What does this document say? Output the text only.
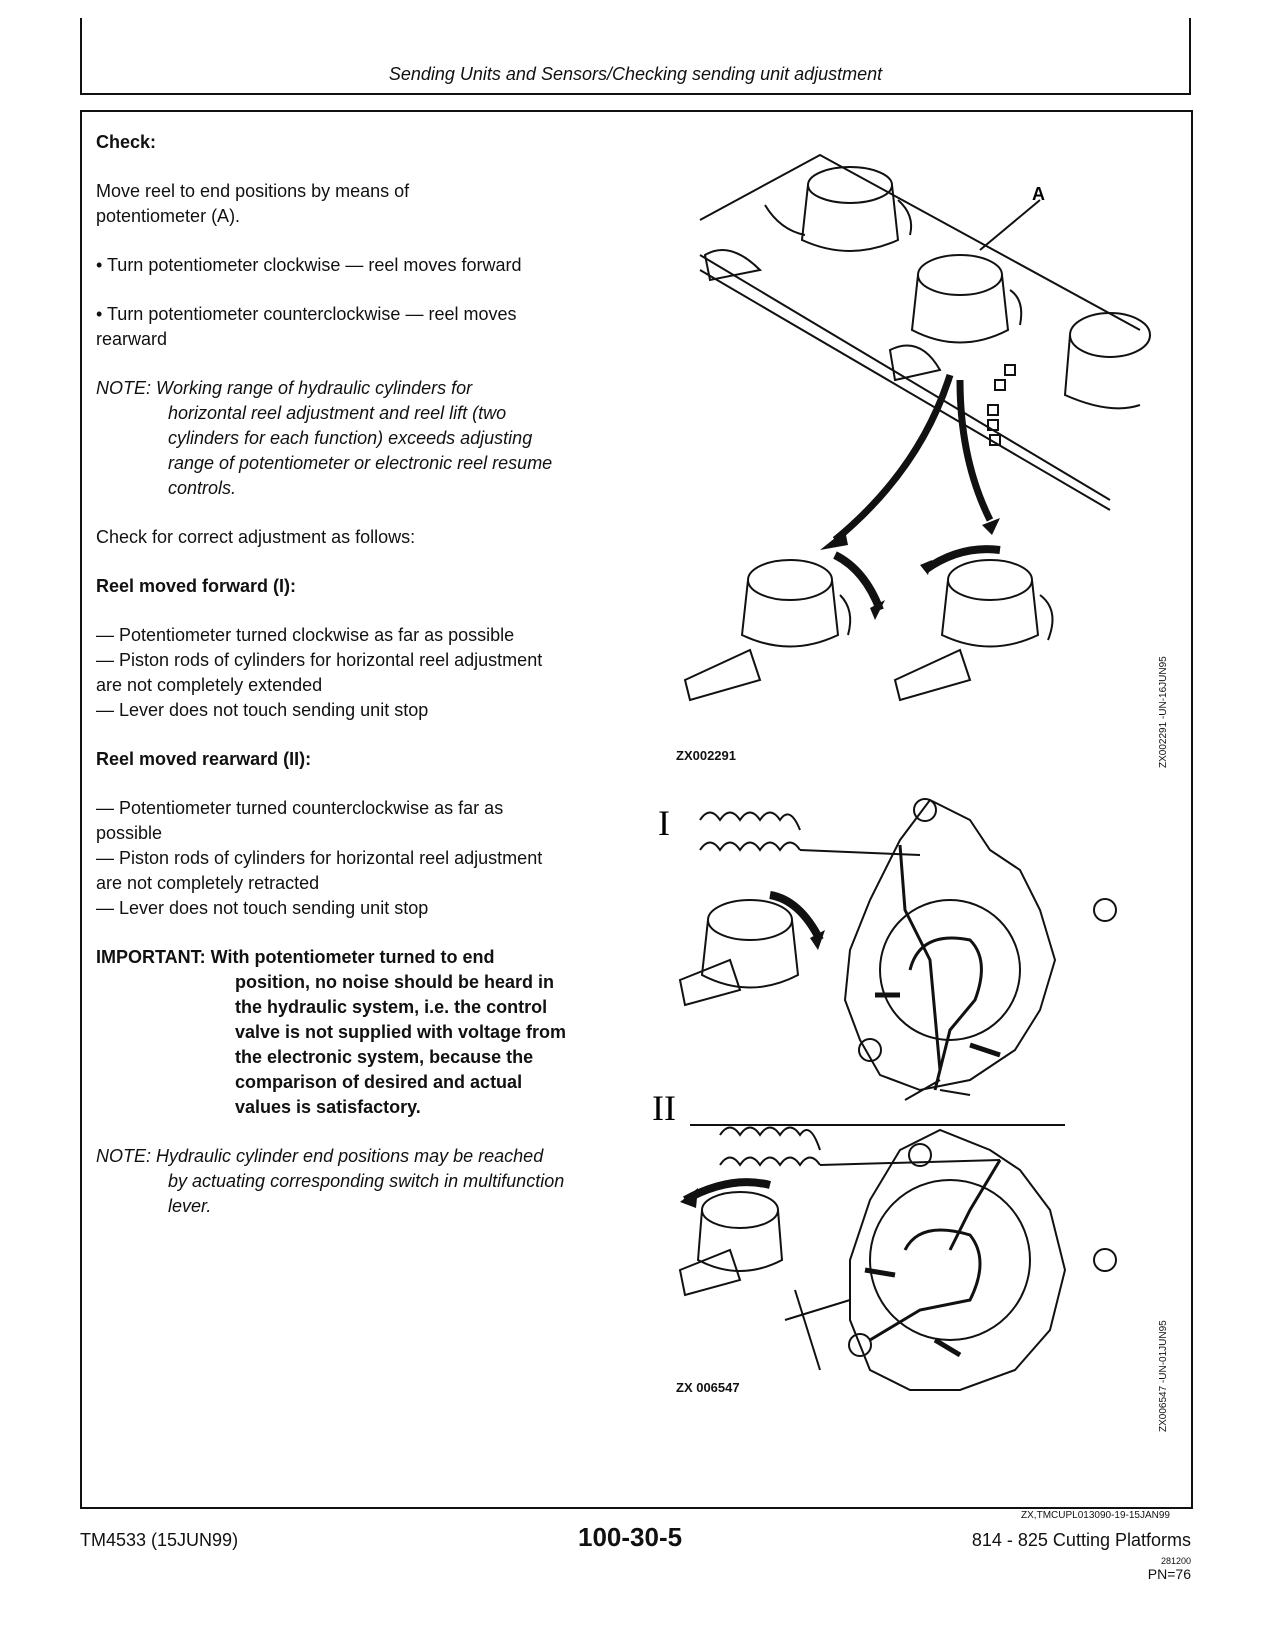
Sending Units and Sensors/Checking sending unit adjustment

Check:

Move reel to end positions by means of
potentiometer (A).

• Turn potentiometer clockwise — reel moves forward

• Turn potentiometer counterclockwise — reel moves
rearward

NOTE: Working range of hydraulic cylinders for
horizontal reel adjustment and reel lift (two
cylinders for each function) exceeds adjusting
range of potentiometer or electronic reel resume
controls.

Check for correct adjustment as follows:

Reel moved forward (I):

— Potentiometer turned clockwise as far as possible
— Piston rods of cylinders for horizontal reel adjustment
are not completely extended
— Lever does not touch sending unit stop

Reel moved rearward (II):

— Potentiometer turned counterclockwise as far as
possible
— Piston rods of cylinders for horizontal reel adjustment
are not completely retracted
— Lever does not touch sending unit stop

IMPORTANT: With potentiometer turned to end
position, no noise should be heard in
the hydraulic system, i.e. the control
valve is not supplied with voltage from
the electronic system, because the
comparison of desired and actual
values is satisfactory.
NOTE: Hydraulic cylinder end positions may be reached
by actuating corresponding switch in multifunction
lever.
A
ZX002291	ZX002291 -UN-16JUN95
I
II
ZX 006547	ZX006547 -UN-01JUN95
ZX,TMCUPL013090-19-15JAN99
TM4533 (15JUN99)	100-30-5	814 - 825 Cutting Platforms
281200
PN=76
